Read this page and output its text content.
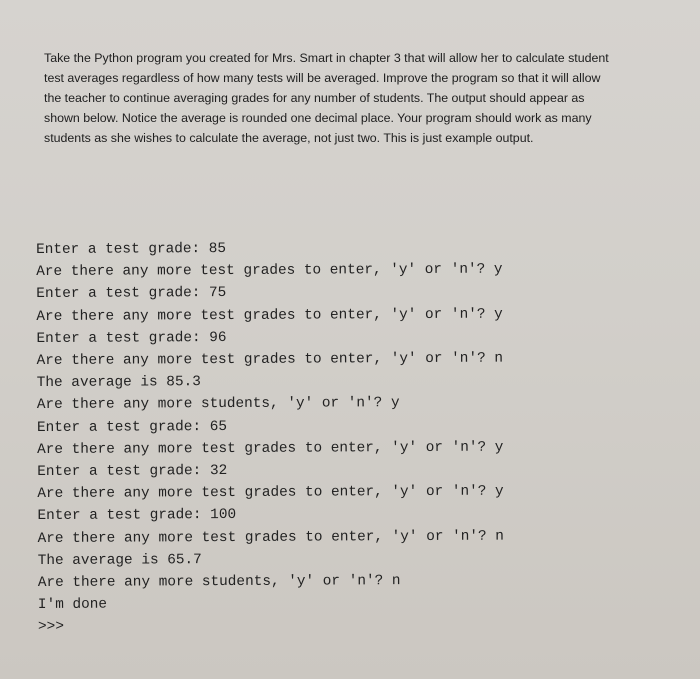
Take the Python program you created for Mrs. Smart in chapter 3 that will allow her to calculate student

test averages regardless of how many tests will be averaged. Improve the program so that it will allow

the teacher to continue averaging grades for any number of students. The output should appear as

shown below. Notice the average is rounded one decimal place. Your program should work as many

students as she wishes to calculate the average, not just two. This is just example output.

Enter a test grade: 85
Are there any more test grades to enter, 'y' or 'n'? y
Enter a test grade: 75
Are there any more test grades to enter, 'y' or 'n'? y
Enter a test grade: 96
Are there any more test grades to enter, 'y' or 'n'? n
The average is 85.3
Are there any more students, 'y' or 'n'? y
Enter a test grade: 65
Are there any more test grades to enter, 'y' or 'n'? y
Enter a test grade: 32
Are there any more test grades to enter, 'y' or 'n'? y
Enter a test grade: 100
Are there any more test grades to enter, 'y' or 'n'? n
The average is 65.7
Are there any more students, 'y' or 'n'? n
I'm done
>>>
